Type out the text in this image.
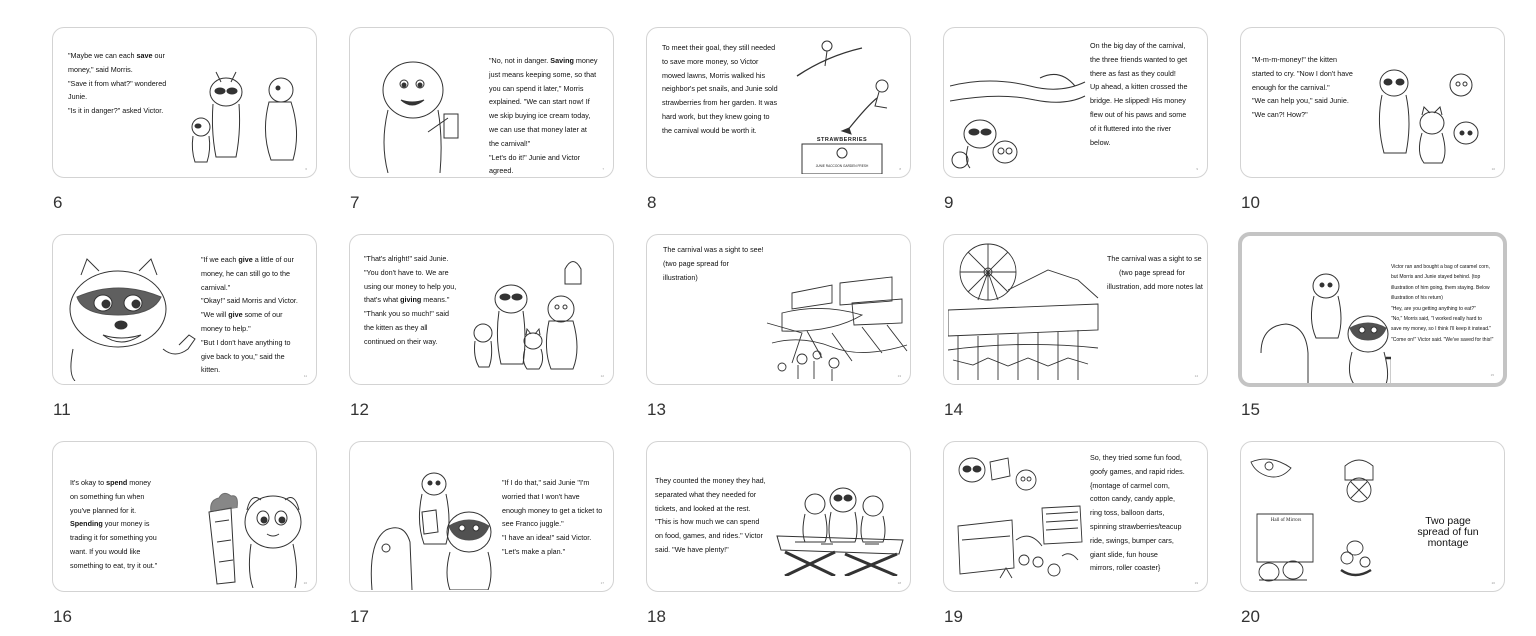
"Maybe we can each save our
money," said Morris.
"Save it from what?" wondered
Junie.
"Is it in danger?" asked Victor.
6
6
"No, not in danger. Saving money
just means keeping some, so that
you can spend it later," Morris
explained. "We can start now! If
we skip buying ice cream today,
we can use that money later at
the carnival!"
"Let's do it!" Junie and Victor
agreed.	7
7
To meet their goal, they still needed
to save more money, so Victor
mowed lawns, Morris walked his
neighbor's pet snails, and Junie sold
strawberries from her garden. It was
hard work, but they knew going to
the carnival would be worth it.
STRAWBERRIES
JUNIE RACCOON GARDEN FRESH
8
8
On the big day of the carnival,
the three friends wanted to get
there as fast as they could!
Up ahead, a kitten crossed the
bridge. He slipped! His money
flew out of his paws and some
of it fluttered into the river
below.
9
9
"M-m-m-money!" the kitten
started to cry. "Now I don't have
enough for the carnival."
"We can help you," said Junie.
"We can?! How?"
10
10
"If we each give a little of our
money, he can still go to the
carnival."
"Okay!" said Morris and Victor.
"We will give some of our
money to help."
"But I don't have anything to
give back to you," said the
kitten.
11
11
"That's alright!" said Junie.
"You don't have to. We are
using our money to help you,
that's what giving means."
"Thank you so much!" said
the kitten as they all
continued on their way.
12
12
The carnival was a sight to see!
(two page spread for
illustration)
13
13
The carnival was a sight to se
(two page spread for
illustration, add more notes lat
14
14
Victor ran and bought a bag of caramel corn,
but Morris and Junie stayed behind. (top
illustration of him going, them staying. Below
illustration of his return)
"Hey, are you getting anything to eat?"
"No," Morris said, "I worked really hard to
save my money, so I think I'll keep it instead."
"Come on!" Victor said. "We've saved for this!"
15
15
It's okay to spend money
on something fun when
you've planned for it.
Spending your money is
trading it for something you
want. If you would like
something to eat, try it out."
16
16
"If I do that," said Junie "I'm
worried that I won't have
enough money to get a ticket to
see Franco juggle."
"I have an idea!" said Victor.
"Let's make a plan."
17
17
They counted the money they had,
separated what they needed for
tickets, and looked at the rest.
"This is how much we can spend
on food, games, and rides." Victor
said. "We have plenty!"
18
18
So, they tried some fun food,
goofy games, and rapid rides.
{montage of carmel corn,
cotton candy, candy apple,
ring toss, balloon darts,
spinning strawberries/teacup
ride, swings, bumper cars,
giant slide, fun house
mirrors, roller coaster}
19
19
Hall of Mirrors	Two page
spread of fun
montage
20
20
